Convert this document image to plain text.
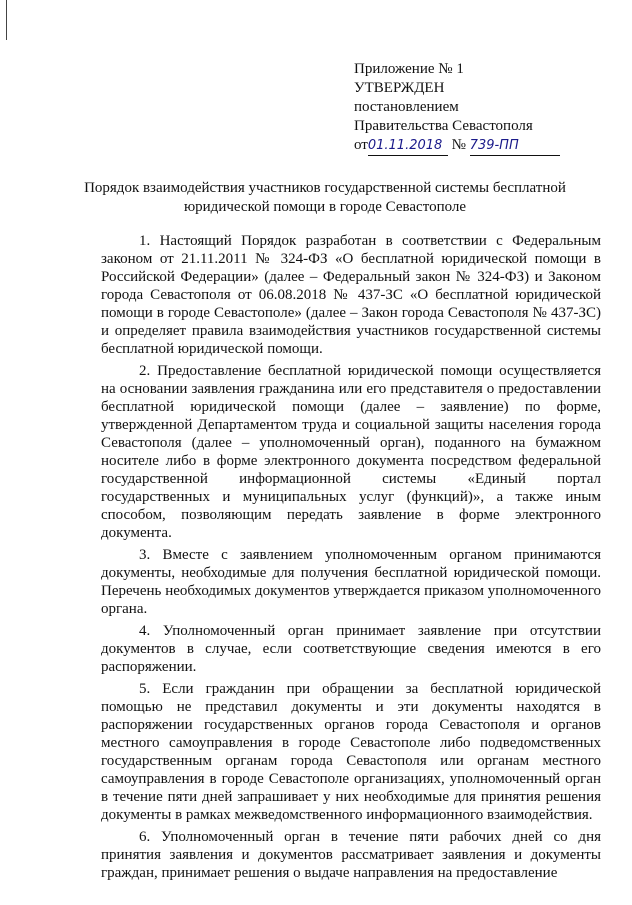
Приложение № 1
УТВЕРЖДЕН
постановлением
Правительства Севастополя
от01.11.2018 № 739-ПП
Порядок взаимодействия участников государственной системы бесплатной юридической помощи в городе Севастополе

1. Настоящий Порядок разработан в соответствии с Федеральным законом от 21.11.2011 № 324-ФЗ «О бесплатной юридической помощи в Российской Федерации» (далее – Федеральный закон № 324-ФЗ) и Законом города Севастополя от 06.08.2018 № 437-ЗС «О бесплатной юридической помощи в городе Севастополе» (далее – Закон города Севастополя № 437-ЗС) и определяет правила взаимодействия участников государственной системы бесплатной юридической помощи.

2. Предоставление бесплатной юридической помощи осуществляется на основании заявления гражданина или его представителя о предоставлении бесплатной юридической помощи (далее – заявление) по форме, утвержденной Департаментом труда и социальной защиты населения города Севастополя (далее – уполномоченный орган), поданного на бумажном носителе либо в форме электронного документа посредством федеральной государственной информационной системы «Единый портал государственных и муниципальных услуг (функций)», а также иным способом, позволяющим передать заявление в форме электронного документа.

3. Вместе с заявлением уполномоченным органом принимаются документы, необходимые для получения бесплатной юридической помощи. Перечень необходимых документов утверждается приказом уполномоченного органа.

4. Уполномоченный орган принимает заявление при отсутствии документов в случае, если соответствующие сведения имеются в его распоряжении.

5. Если гражданин при обращении за бесплатной юридической помощью не представил документы и эти документы находятся в распоряжении государственных органов города Севастополя и органов местного самоуправления в городе Севастополе либо подведомственных государственным органам города Севастополя или органам местного самоуправления в городе Севастополе организациях, уполномоченный орган в течение пяти дней запрашивает у них необходимые для принятия решения документы в рамках межведомственного информационного взаимодействия.

6. Уполномоченный орган в течение пяти рабочих дней со дня принятия заявления и документов рассматривает заявления и документы граждан, принимает решения о выдаче направления на предоставление
